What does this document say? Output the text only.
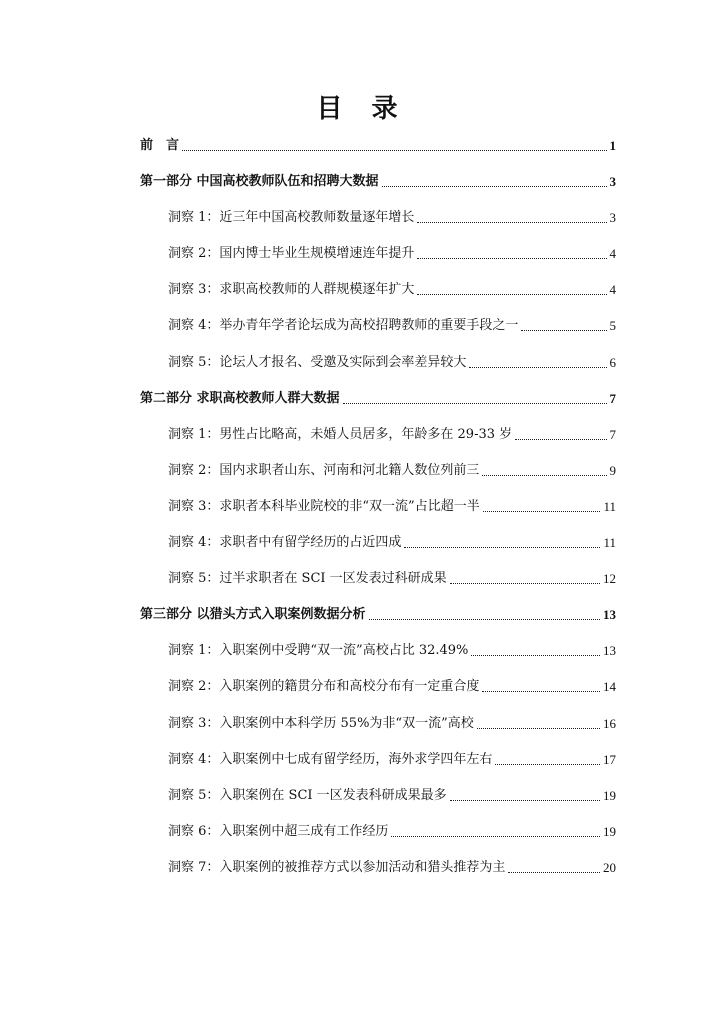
目 录
前　言	1
第一部分 中国高校教师队伍和招聘大数据	3
洞察 1：近三年中国高校教师数量逐年增长	3
洞察 2：国内博士毕业生规模增速连年提升	4
洞察 3：求职高校教师的人群规模逐年扩大	4
洞察 4：举办青年学者论坛成为高校招聘教师的重要手段之一	5
洞察 5：论坛人才报名、受邀及实际到会率差异较大	6
第二部分 求职高校教师人群大数据	7
洞察 1：男性占比略高，未婚人员居多，年龄多在 29-33 岁	7
洞察 2：国内求职者山东、河南和河北籍人数位列前三	9
洞察 3：求职者本科毕业院校的非“双一流”占比超一半	11
洞察 4：求职者中有留学经历的占近四成	11
洞察 5：过半求职者在 SCI 一区发表过科研成果	12
第三部分 以猎头方式入职案例数据分析	13
洞察 1：入职案例中受聘“双一流”高校占比 32.49%	13
洞察 2：入职案例的籍贯分布和高校分布有一定重合度	14
洞察 3：入职案例中本科学历 55%为非“双一流”高校	16
洞察 4：入职案例中七成有留学经历，海外求学四年左右	17
洞察 5：入职案例在 SCI 一区发表科研成果最多	19
洞察 6：入职案例中超三成有工作经历	19
洞察 7：入职案例的被推荐方式以参加活动和猎头推荐为主	20
